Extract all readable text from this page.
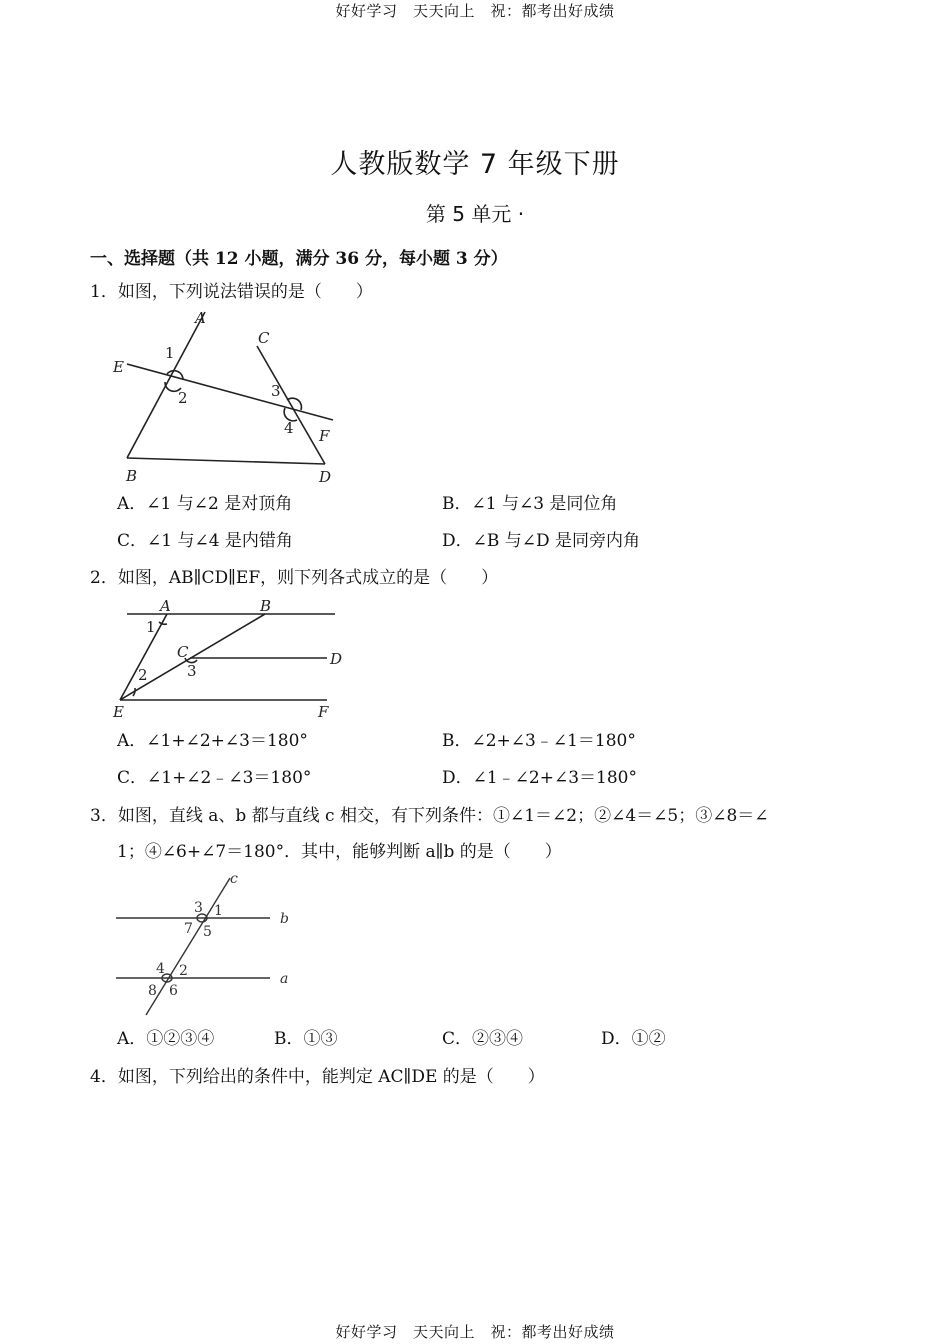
好好学习　天天向上　祝：都考出好成绩
人教版数学 7 年级下册
第 5 单元 ·
一、选择题（共 12 小题，满分 36 分，每小题 3 分）
1．如图，下列说法错误的是（　　）
A
C
1
E
2	3
4 F
B	D
A．∠1 与∠2 是对顶角	B．∠1 与∠3 是同位角
C．∠1 与∠4 是内错角	D．∠B 与∠D 是同旁内角
2．如图，AB∥CD∥EF，则下列各式成立的是（　　）
A	B
1
C	D
2	3
E	F
A．∠1+∠2+∠3＝180°	B．∠2+∠3﹣∠1＝180°
C．∠1+∠2﹣∠3＝180°	D．∠1﹣∠2+∠3＝180°
3．如图，直线 a、b 都与直线 c 相交，有下列条件：①∠1＝∠2；②∠4＝∠5；③∠8＝∠
1；④∠6+∠7＝180°．其中，能够判断 a∥b 的是（　　）
c
3 1	b
7 5
4 2	a
8 6
A．①②③④	B．①③	C．②③④	D．①②
4．如图，下列给出的条件中，能判定 AC∥DE 的是（　　）
好好学习　天天向上　祝：都考出好成绩
